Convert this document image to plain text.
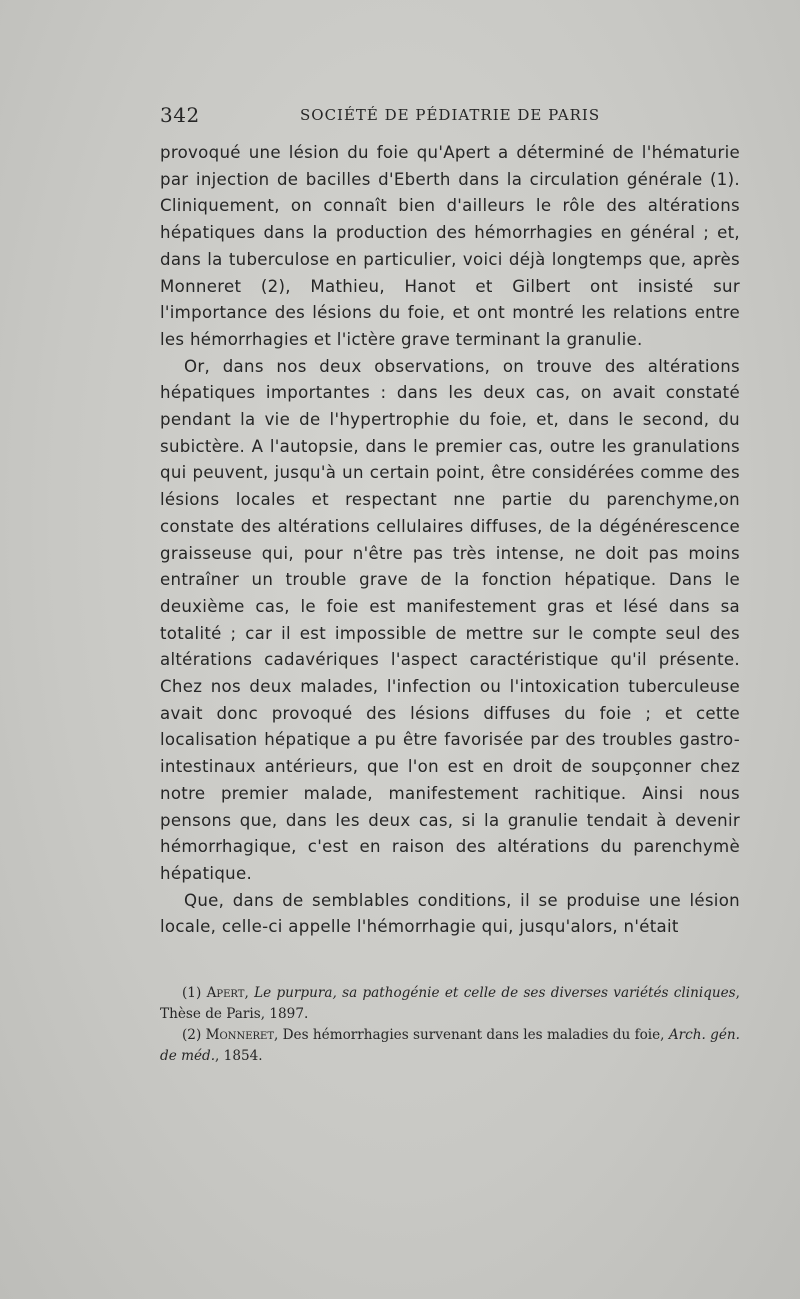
342	SOCIÉTÉ DE PÉDIATRIE DE PARIS

provoqué une lésion du foie qu'Apert a déterminé de l'hématurie par injection de bacilles d'Eberth dans la circulation générale (1). Cliniquement, on connaît bien d'ailleurs le rôle des altérations hépatiques dans la production des hémorrhagies en général ; et, dans la tuberculose en particulier, voici déjà longtemps que, après Monneret (2), Mathieu, Hanot et Gilbert ont insisté sur l'importance des lésions du foie, et ont montré les relations entre les hémorrhagies et l'ictère grave terminant la granulie.

Or, dans nos deux observations, on trouve des altérations hépatiques importantes : dans les deux cas, on avait constaté pendant la vie de l'hypertrophie du foie, et, dans le second, du subictère. A l'autopsie, dans le premier cas, outre les granulations qui peuvent, jusqu'à un certain point, être considérées comme des lésions locales et respectant nne partie du parenchyme,on constate des altérations cellulaires diffuses, de la dégénérescence graisseuse qui, pour n'être pas très intense, ne doit pas moins entraîner un trouble grave de la fonction hépatique. Dans le deuxième cas, le foie est manifestement gras et lésé dans sa totalité ; car il est impossible de mettre sur le compte seul des altérations cadavériques l'aspect caractéristique qu'il présente. Chez nos deux malades, l'infection ou l'intoxication tuberculeuse avait donc provoqué des lésions diffuses du foie ; et cette localisation hépatique a pu être favorisée par des troubles gastro-intestinaux antérieurs, que l'on est en droit de soupçonner chez notre premier malade, manifestement rachitique. Ainsi nous pensons que, dans les deux cas, si la granulie tendait à devenir hémorrhagique, c'est en raison des altérations du parenchymè hépatique.

Que, dans de semblables conditions, il se produise une lésion locale, celle-ci appelle l'hémorrhagie qui, jusqu'alors, n'était

(1) Apert, Le purpura, sa pathogénie et celle de ses diverses variétés cliniques, Thèse de Paris, 1897.

(2) Monneret, Des hémorrhagies survenant dans les maladies du foie, Arch. gén. de méd., 1854.
